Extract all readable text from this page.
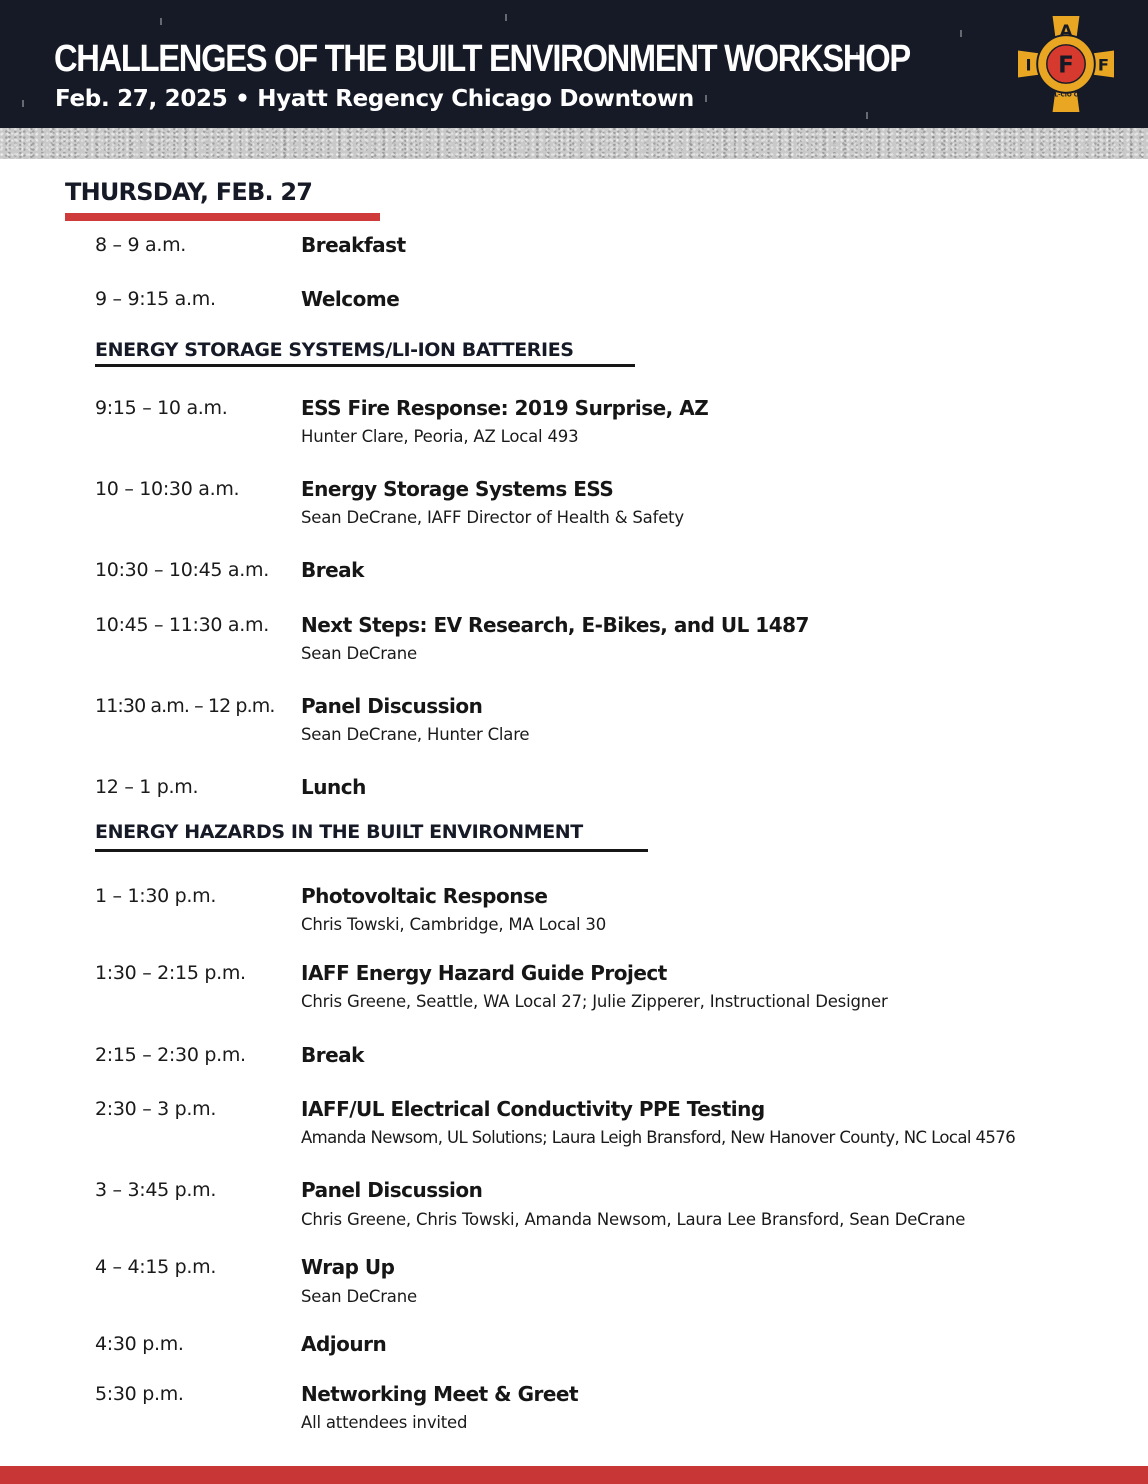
CHALLENGES OF THE BUILT ENVIRONMENT WORKSHOP
Feb. 27, 2025 • Hyatt Regency Chicago Downtown
F
A
I	F
AFL-CIO CLC
THURSDAY, FEB. 27
8 – 9 a.m.	Breakfast
9 – 9:15 a.m.	Welcome
ENERGY STORAGE SYSTEMS/LI-ION BATTERIES
9:15 – 10 a.m.	ESS Fire Response: 2019 Surprise, AZ
Hunter Clare, Peoria, AZ Local 493
10 – 10:30 a.m.	Energy Storage Systems ESS
Sean DeCrane, IAFF Director of Health & Safety
10:30 – 10:45 a.m. Break
10:45 – 11:30 a.m. Next Steps: EV Research, E-Bikes, and UL 1487
Sean DeCrane
11:30 a.m. – 12 p.m. Panel Discussion
Sean DeCrane, Hunter Clare
12 – 1 p.m.	Lunch
ENERGY HAZARDS IN THE BUILT ENVIRONMENT
1 – 1:30 p.m.	Photovoltaic Response
Chris Towski, Cambridge, MA Local 30
1:30 – 2:15 p.m.	IAFF Energy Hazard Guide Project
Chris Greene, Seattle, WA Local 27; Julie Zipperer, Instructional Designer
2:15 – 2:30 p.m.	Break
2:30 – 3 p.m.	IAFF/UL Electrical Conductivity PPE Testing
Amanda Newsom, UL Solutions; Laura Leigh Bransford, New Hanover County, NC Local 4576
3 – 3:45 p.m.	Panel Discussion
Chris Greene, Chris Towski, Amanda Newsom, Laura Lee Bransford, Sean DeCrane
4 – 4:15 p.m.	Wrap Up
Sean DeCrane
4:30 p.m.	Adjourn
5:30 p.m.	Networking Meet & Greet
All attendees invited
